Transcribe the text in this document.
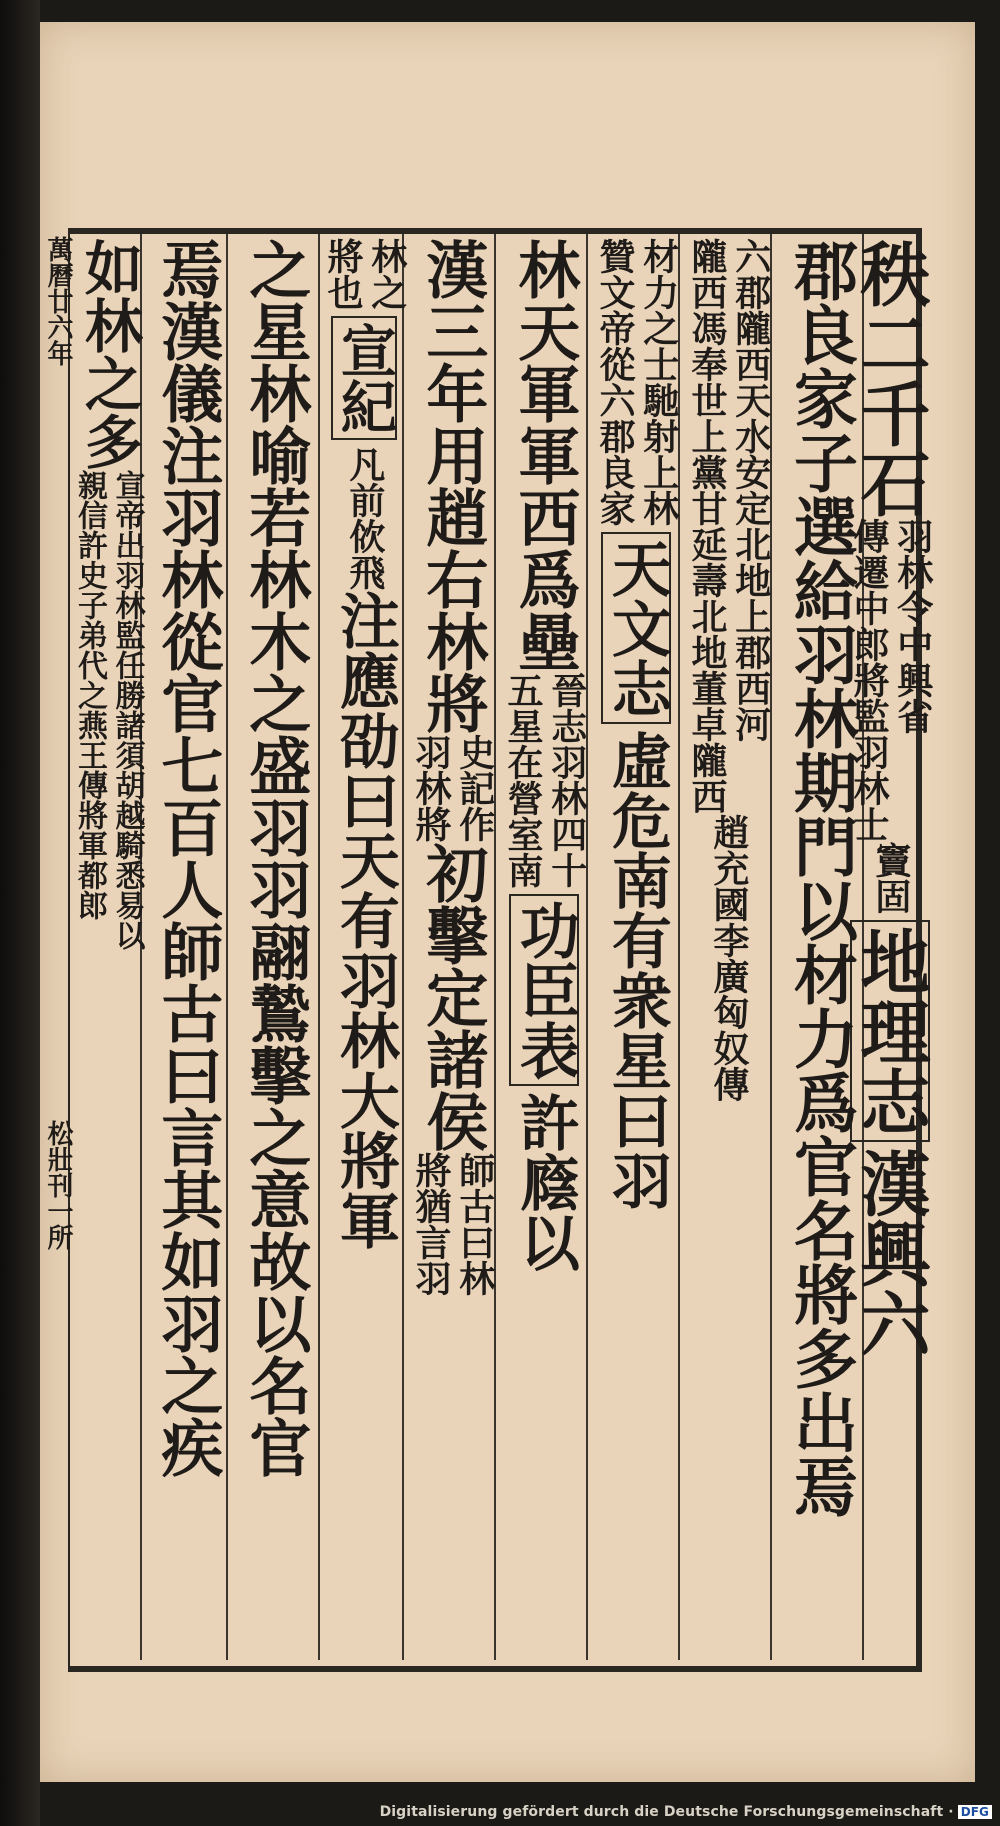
秩二千石
羽林令中興省
傳遷中郎將監羽林士
竇固
地理志
漢興六
郡良家子選給羽林期門以材力爲官名將多出焉
六郡隴西天水安定北地上郡西河
隴西馮奉世上黨甘延壽北地董卓隴西
趙充國李廣匈奴傳
材力之士馳射上林
贊文帝從六郡良家
天文志
虛危南有衆星曰羽
林天軍軍西爲壘
晉志羽林四十
五星在營室南
功臣表
許廕以
漢三年用趙右林將
史記作
羽林將
初擊定諸侯
師古曰林
將猶言羽
林之
將也
宣紀
凡前佽飛
注應劭曰天有羽林大將軍
之星林喻若林木之盛羽羽翮鷙擊之意故以名官
焉漢儀注羽林從官七百人師古曰言其如羽之疾
如林之多
宣帝出羽林監任勝諸須胡越騎悉易以
親信許史子弟代之燕王傳將軍都郎
萬曆廿六年
松壯刊一所
Digitalisierung gefördert durch die Deutsche Forschungsgemeinschaft · DFG
